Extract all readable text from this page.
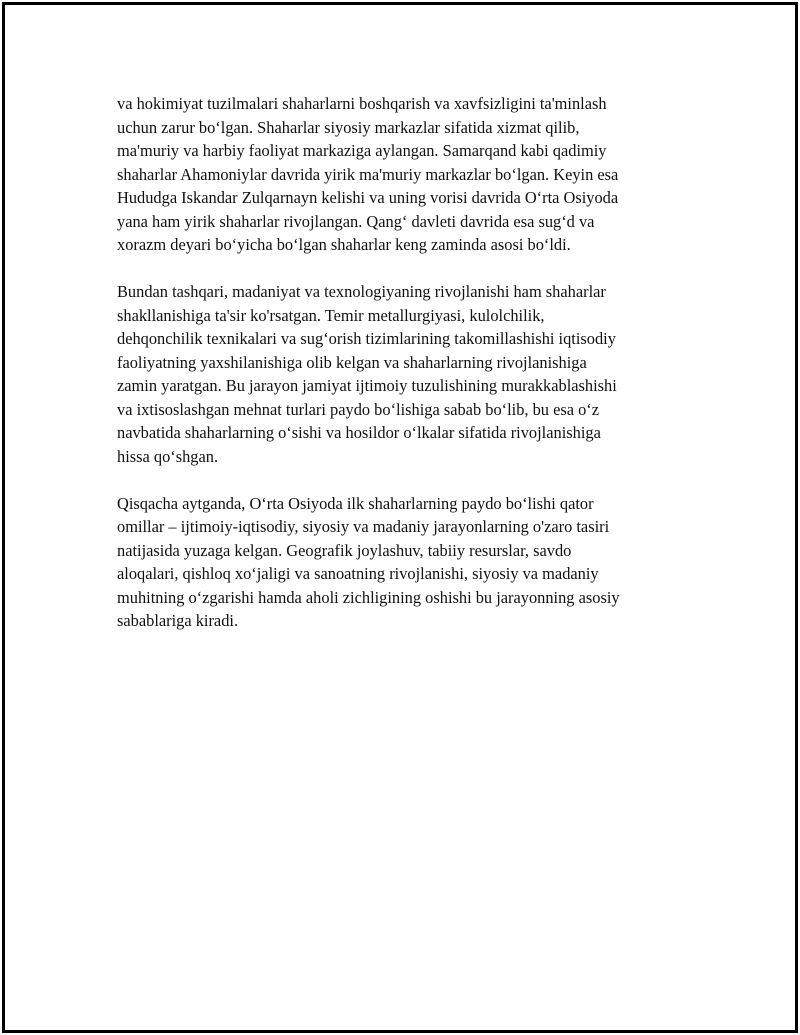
va hokimiyat tuzilmalari shaharlarni boshqarish va xavfsizligini ta'minlash
uchun zarur bo‘lgan. Shaharlar siyosiy markazlar sifatida xizmat qilib,
ma'muriy va harbiy faoliyat markaziga aylangan. Samarqand kabi qadimiy
shaharlar Ahamoniylar davrida yirik ma'muriy markazlar bo‘lgan. Keyin esa
Hududga Iskandar Zulqarnayn kelishi va uning vorisi davrida O‘rta Osiyoda
yana ham yirik shaharlar rivojlangan. Qang‘ davleti davrida esa sug‘d va
xorazm deyari bo‘yicha bo‘lgan shaharlar keng zaminda asosi bo‘ldi.

Bundan tashqari, madaniyat va texnologiyaning rivojlanishi ham shaharlar
shakllanishiga ta'sir ko'rsatgan. Temir metallurgiyasi, kulolchilik,
dehqonchilik texnikalari va sug‘orish tizimlarining takomillashishi iqtisodiy
faoliyatning yaxshilanishiga olib kelgan va shaharlarning rivojlanishiga
zamin yaratgan. Bu jarayon jamiyat ijtimoiy tuzulishining murakkablashishi
va ixtisoslashgan mehnat turlari paydo bo‘lishiga sabab bo‘lib, bu esa o‘z
navbatida shaharlarning o‘sishi va hosildor o‘lkalar sifatida rivojlanishiga
hissa qo‘shgan.

Qisqacha aytganda, O‘rta Osiyoda ilk shaharlarning paydo bo‘lishi qator
omillar – ijtimoiy-iqtisodiy, siyosiy va madaniy jarayonlarning o'zaro tasiri
natijasida yuzaga kelgan. Geografik joylashuv, tabiiy resurslar, savdo
aloqalari, qishloq xo‘jaligi va sanoatning rivojlanishi, siyosiy va madaniy
muhitning o‘zgarishi hamda aholi zichligining oshishi bu jarayonning asosiy
sabablariga kiradi.
